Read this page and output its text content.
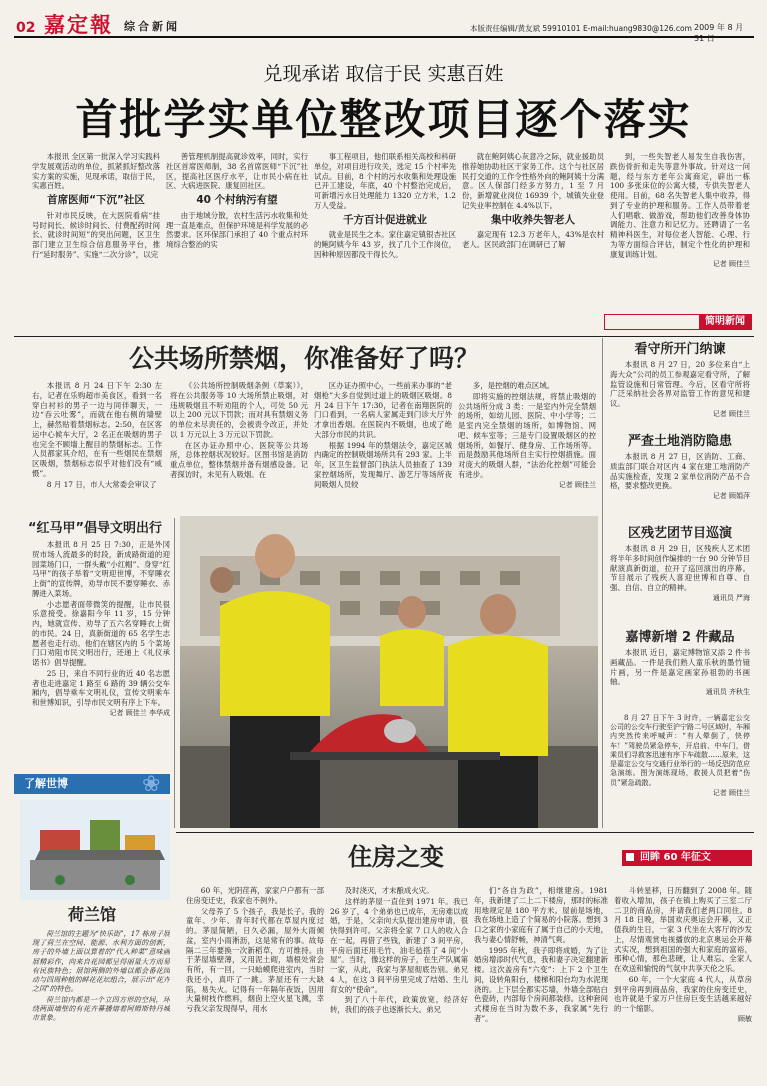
02 嘉定報 综合新闻	本版责任编辑/黄友斌 59910101 E-mail:huang9830@126.com 2009 年 8 月 31 日
兑现承诺 取信于民 实惠百姓
首批学实单位整改项目逐个落实

本报讯 全区第一批深入学习实践科学发展观活动的单位，抓紧抓好整改落实方案的实施，见现承诺，取信于民，实惠百姓。

首席医师“下沉”社区

针对市民反映，在大医院看病“挂号时间长、候诊时间长、付费配药时间长、就诊时间短”的突出问题，区卫生部门建立卫生综合信息服务平台，推行“延时服务”、实施“二次分诊”，以完

善管理机制提高就诊效率，同时，实行社区首席医师制，38 名首席医师“下沉”社区，提高社区医疗水平，让市民小病在社区、大病进医院、康复回社区。

40 个村纳污有望

由于地域分散，农村生活污水收集和处理一直是难点，但保护环境是科学发展的必然要求。区环保部门承担了 40 个重点村环境综合整治的实

事工程项目，他们联系相关高校和科研单位，对项目进行攻关，选定 15 个村率先试点。目前，8 个村的污水收集和处理设施已开工建设，年底，40 个村整治完成后，可新增污水日处理能力 1320 立方米，1.2 万人受益。

千方百计促进就业

就业是民生之本。家住嘉定镇银杏社区的鲍阿姨今年 43 岁，找了几个工作岗位，因种种原因都没干得长久。

就在鲍阿姨心灰意冷之际，就业援助员推荐她协助社区干家务工作。这个与社区居民打交道的工作令性格外向的鲍阿姨十分满意。区人保部门经多方努力，1 至 7 月份，新增就业岗位 16939 个，城镇失业登记失业率控制在 4.4%以下。

集中收养失智老人

嘉定现有 12.3 万老年人，43%是农村老人。区民政部门在调研已了解

到，一些失智老人易发生自我伤害，跌伤骨折和走失等意外事故。针对这一问题，经与东方老年公寓商定，辟出一栋 100 多张床位的公寓大楼，专供失智老人使用。目前，68 名失智老人集中收养，得到了专业的护理和服务。工作人员带着老人们唱歌、做游戏，帮助他们改善身体协调能力、注意力和记忆力。还聘请了一名精神科医生，对每位老人智能、心理、行为等方面综合评估，制定个性化的护理和康复训练计划。

记者 顾佳兰
公共场所禁烟，你准备好了吗？

本报讯 8 月 24 日下午 2:30 左右，记者在乐购超市美食区，看到一名穿白衬衫的男子一边与同伴聊天，一边“吞云吐雾”，而就在他右侧的墙壁上，赫然贴着禁烟标志。2:50，在区客运中心候车大厅，2 名正在吸烟的男子也完全不顾墙上醒目的禁烟标志。工作人员都家其介绍，在有一些烟民在禁烟区吸烟，禁烟标志似乎对他们没有“威慑”。

8 月 17 日，市人大常委会审议了

《公共场所控制吸烟条例（草案）》，将在公共服务等 10 大场所禁止吸烟，对违规吸烟且不听劝阻的个人，可处 50 元以上 200 元以下罚款；而对具有禁烟义务的单位未尽责任的，会被责令改正，并处以 1 万元以上 3 万元以下罚款。

在区办证办照中心、医院等公共场所，总体控烟状况较好。区图书馆是消防重点单位，整体禁烟并备有烟感设备。记者探访时，未见有人吸烟。在

区办证办照中心，一些前来办事的“老烟枪”大多自觉到过道上的吸烟区吸烟。8 月 24 日下午 17:30，记者在南翔医院的门口看到，一名病人家属走到门诊大厅外才拿出香烟。在医院内不吸烟，也成了绝大部分市民的共识。

根据 1994 年的禁烟法令，嘉定区城内确定的控制吸烟场所共有 293 家。上半年，区卫生监督部门执法人员抽查了 139 家控烟场所，发现舞厅、游艺厅等场所夜间吸烟人员较

多，是控烟的难点区域。

即将实施的控烟法规，将禁止吸烟的公共场所分成 3 类：一是室内外完全禁烟的场所，如幼儿园、医院、中小学等；二是室内完全禁烟的场所，如博物馆、网吧、候车室等；三是专门设置吸烟区的控烟场所，如餐厅、健身房、工作场所等。而是鼓励其他场所自主实行控烟措施。面对庞大的吸烟人群，“法治化控烟”可能会有进步。

记者 顾佳兰
简明新闻
看守所开门纳谏

本报讯 8 月 27 日，20 多位来自“上海大众”公司的员工参观嘉定看守所，了解监管设施和日常管理。今后，区看守所将广泛采纳社会各界对监管工作的意见和建议。

记者 顾佳兰
严查土地消防隐患

本报讯 8 月 27 日，区消防、工商、质监部门联合对区内 4 家在建工地消防产品实施检查，发现 2 家单位消防产品不合格，要求整改更换。

记者 顾娟萍
区残艺团节目巡演

本报讯 8 月 29 日，区残疾人艺术团将半年多时间创作编排的一台 90 分钟节目献演真新街道，拉开了巡回演出的序幕。节目展示了残疾人喜迎世博和自尊、自强、自信、自立的精神。

通讯员 严海
嘉博新增 2 件藏品

本报讯 近日，嘉定博物馆又添 2 件书画藏品。一件是我们熟人童乐秋的墨竹镜片画，另一件是嘉定画家孙祖勃的书画轴。

通讯员 齐秋生

8 月 27 日下午 3 时许，一辆嘉定公交公司的公交车行驶至沪宁路二号区域时，车厢内突然传来呼喊声：“有人晕倒了，快停车！”驾驶员紧急停车，开启前、中车门，借乘员们寻救客迅速有序下车疏散……原来，这是嘉定公交与交通行业举行的一场反恐防范应急演练。图为演练现场，救援人员把着“伤员”紧急疏散。

记者 顾佳兰
“红马甲”倡导文明出行

本报讯 8 月 25 日 7:30，正是外冈贸市场人流最多的时段，新成路街道的迎园菜场门口，一群头戴“小红帽”、身穿“红马甲”的孩子举着“文明迎世博，不穿睡衣上街”的宣传牌，劝导市民不要穿睡衣、赤膊进入菜场。

小志愿者面带微笑的提醒，让市民很乐意接受。徐嘉阳今年 11 岁，15 分钟内，她就宣传、劝导了五六名穿睡衣上街的市民。24 日，真新街道的 65 名学生志愿者也走行动。他们在辖区内的 5 个菜场门口劝阻市民文明出行，还递上《礼仪承诺书》倡导提醒。

25 日，来自不同行业的近 40 名志愿者也走进嘉定 1 路至 6 路的 39 辆公交车厢内，倡导乘车文明礼仪，宣传文明乘车和世博知识，引导市民文明有序上下车。

记者 顾佳兰 李华成
了解世博	❀
荷兰馆

荷兰馆的主题为“快乐街”，17 栋房子展现了荷兰在空间、能源、水利方面的创新，房子的外墙上面以算着的“代入种菜”意味画展精彩作，向来自花园都呈得丽量大方而易有民族特色；展馆两侧的外墙以都会番花园动与四周种植的鲜花花坛组合，展示出“花卉之国”的特色。

荷兰馆内都是一个立四方形的空间，环绕两面墙壁的有花卉幕播熔着阿姆斯特丹城市景象。

住房之变	回眸 60 年征文

60 年，光阴荏苒，家家户户都有一部住房变迁史，我家也不例外。

父母养了 5 个孩子，我是长子。我的童年、少年、青年时代都在草屋内度过的。茅屋简陋，日久必漏，屋外大雨倾盆，室内小雨淅沥，这是常有的事。故每隔二三年要换一次新稻草，方可维持。由于茅屋墙壁薄，又用泥土砌，墙根处常会有所，有一回，一只蛤蟆爬进室内，当时我还小，真吓了一跳。茅屋还有一大缺陷，易失火。记得有一年隔年夜饭，因用大量树枝作燃料，烟囱上空火星飞溅，幸亏我父亲发现得早，用水

及时浇灭，才未酿成火灾。

这样的茅屋一直住到 1971 年。我已 26 岁了，4 个弟弟也已成年，无房难以成婚，于是，父亲向大队提出建房申请，很快得到许可。父亲将全家 7 口人的收入合在一起，再借了些钱，新建了 3 间平房，平房后面还用毛竹、油毛毡搭了 4 间“小屋”。当时，像这样的房子，在生产队属第一家，从此，我家与茅屋彻底告别。弟兄 4 人，在这 3 间平房里完成了结婚、生儿育女的“使命”。

到了八十年代，政策放宽，经济好转，我们的孩子也逐渐长大。弟兄

们“各自为政”，相继建房。1981 年，我新建了二上二下楼房，那时的标准用地规定是 180 平方米。屋前是场地，我在场地上造了个简易的小院落。想到 3 口之家的小家庭有了属于自己的小天地，我与妻心情舒畅，神清气爽。

1995 年秋，我子即将成婚，为了让婚房增添时代气息，我和妻子决定翻建新楼。这次盖房有“六变”：上下 2 个卫生间，设转角阳台，楼梯和阳台均为水泥现浇的。上下层全都实芯墙，外墙全部贴白色瓷砖，内部每个房间都装修。这种套间式楼房在当时为数不多，我家属“先行者”。

斗转星移，日历翻到了 2008 年。随着收入增加，孩子在镇上购买了三室二厅二卫的商品房，并请我们老两口同住。8 月 18 日晚，举国欢庆奥运会开幕，又正值我的生日，一家 3 代坐在大客厅的沙发上，尽情观赏电视播放的北京奥运会开幕式实况，想到祖国的强大和家庭的富裕，那种心情，那色悲硬，让人难忘。全家人在欢送和愉悦的气氛中共享天伦之乐。

60 年，一个大家庭 4 代人，从草房到平房再到商品房，我家的住房变迁史，也许就是千家万户住房巨变生活越来越好的一个缩影。

顾敏
